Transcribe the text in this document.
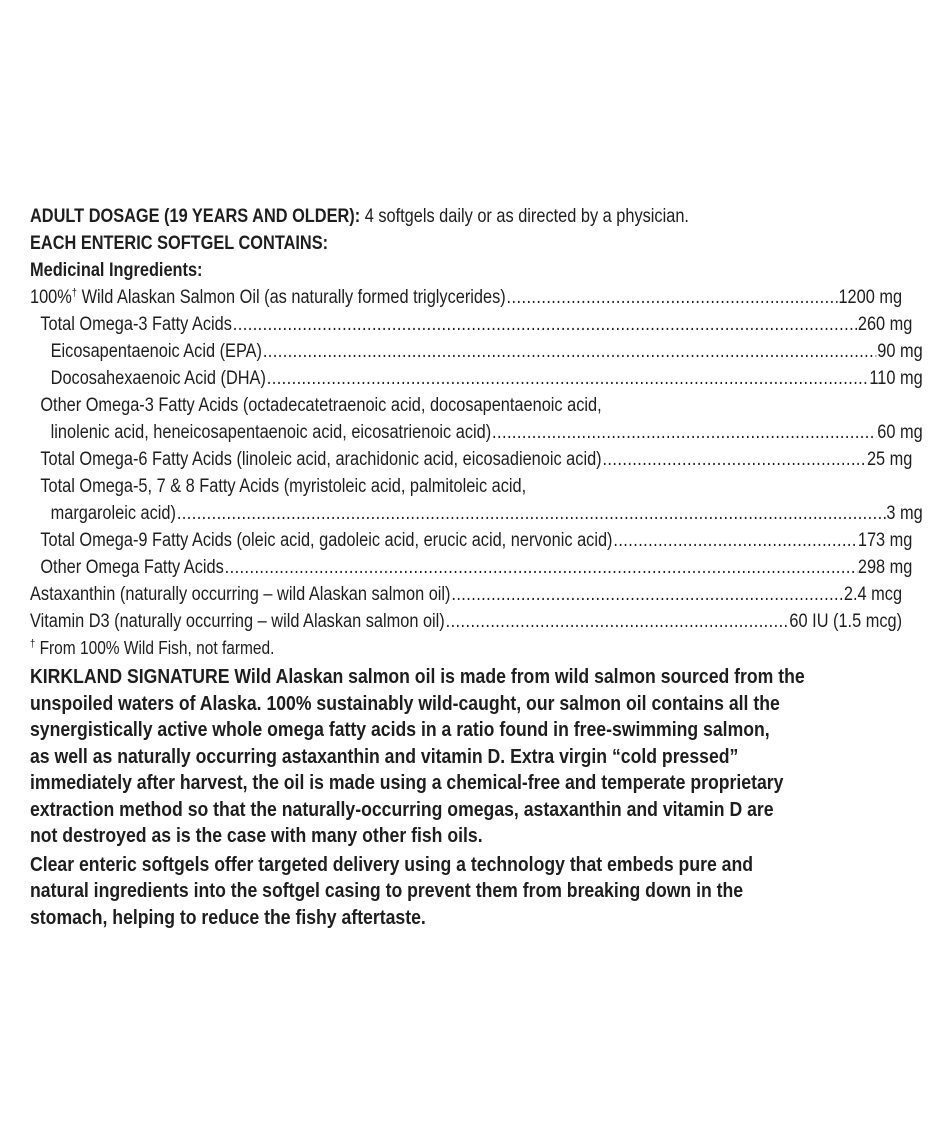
ADULT DOSAGE (19 YEARS AND OLDER): 4 softgels daily or as directed by a physician.
EACH ENTERIC SOFTGEL CONTAINS:
Medicinal Ingredients:
100%† Wild Alaskan Salmon Oil (as naturally formed triglycerides) .....	1200 mg
Total Omega-3 Fatty Acids .....	260 mg
Eicosapentaenoic Acid (EPA) .....	90 mg
Docosahexaenoic Acid (DHA) .....	110 mg
Other Omega-3 Fatty Acids (octadecatetraenoic acid, docosapentaenoic acid,
linolenic acid, heneicosapentaenoic acid, eicosatrienoic acid) .....	60 mg
Total Omega-6 Fatty Acids (linoleic acid, arachidonic acid, eicosadienoic acid) .....	25 mg
Total Omega-5, 7 & 8 Fatty Acids (myristoleic acid, palmitoleic acid,
margaroleic acid) .....	3 mg
Total Omega-9 Fatty Acids (oleic acid, gadoleic acid, erucic acid, nervonic acid) .....	173 mg
Other Omega Fatty Acids .....	298 mg
Astaxanthin (naturally occurring – wild Alaskan salmon oil) .....	2.4 mcg
Vitamin D3 (naturally occurring – wild Alaskan salmon oil) .....	60 IU (1.5 mcg)
† From 100% Wild Fish, not farmed.
KIRKLAND SIGNATURE Wild Alaskan salmon oil is made from wild salmon sourced from the
unspoiled waters of Alaska. 100% sustainably wild-caught, our salmon oil contains all the
synergistically active whole omega fatty acids in a ratio found in free-swimming salmon,
as well as naturally occurring astaxanthin and vitamin D. Extra virgin “cold pressed”
immediately after harvest, the oil is made using a chemical-free and temperate proprietary
extraction method so that the naturally-occurring omegas, astaxanthin and vitamin D are
not destroyed as is the case with many other fish oils.
Clear enteric softgels offer targeted delivery using a technology that embeds pure and
natural ingredients into the softgel casing to prevent them from breaking down in the
stomach, helping to reduce the fishy aftertaste.
